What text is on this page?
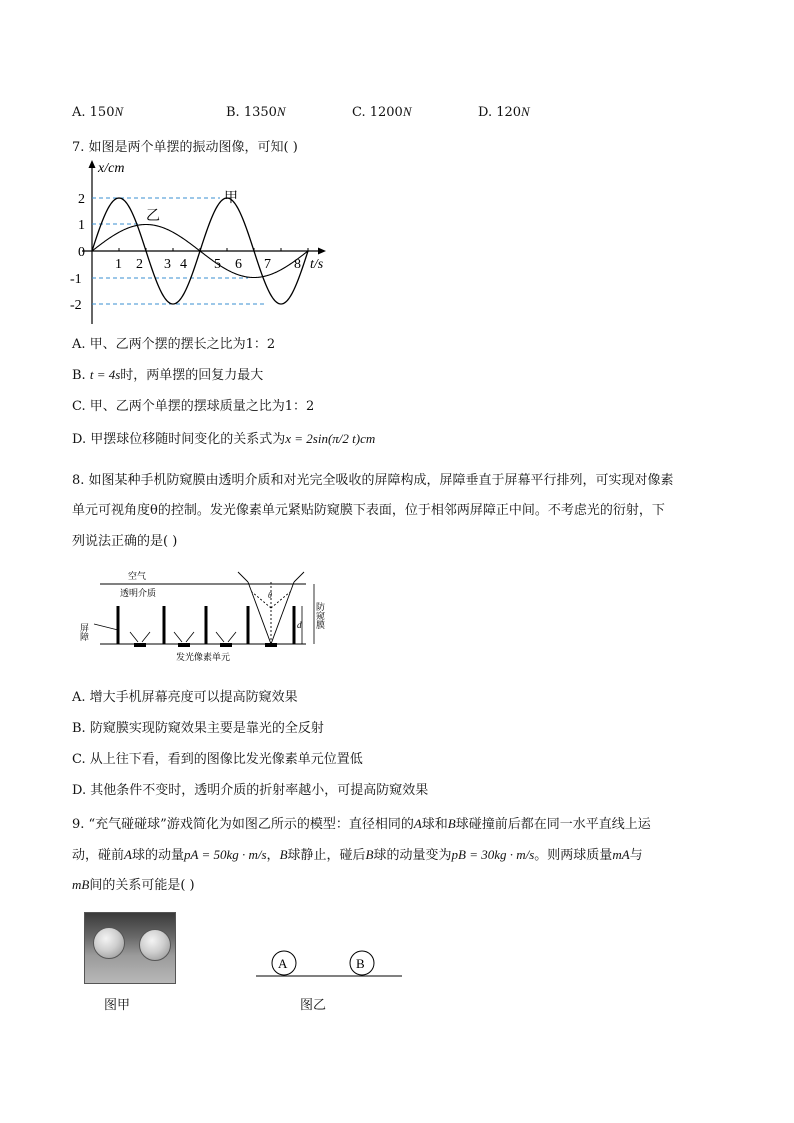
A. 150N	B. 1350N	C. 1200N	D. 120N
7. 如图是两个单摆的振动图像，可知( )
x/cm
2
1
0
-1
-2
1 2 3 4 5 6 7 8 t/s
甲
乙
A. 甲、乙两个摆的摆长之比为1：2
B. t = 4s时，两单摆的回复力最大
C. 甲、乙两个单摆的摆球质量之比为1：2
D. 甲摆球位移随时间变化的关系式为x = 2sin(π/2 t)cm
8. 如图某种手机防窥膜由透明介质和对光完全吸收的屏障构成，屏障垂直于屏幕平行排列，可实现对像素
单元可视角度θ的控制。发光像素单元紧贴防窥膜下表面，位于相邻两屏障正中间。不考虑光的衍射，下
列说法正确的是( )
空气
透明介质
屏障
θ
d 防窥膜
发光像素单元
A. 增大手机屏幕亮度可以提高防窥效果
B. 防窥膜实现防窥效果主要是靠光的全反射
C. 从上往下看，看到的图像比发光像素单元位置低
D. 其他条件不变时，透明介质的折射率越小，可提高防窥效果
9. “充气碰碰球”游戏简化为如图乙所示的模型：直径相同的A球和B球碰撞前后都在同一水平直线上运
动，碰前A球的动量pA = 50kg · m/s，B球静止，碰后B球的动量变为pB = 30kg · m/s。则两球质量mA与
mB间的关系可能是( )
图甲
A	B
图乙
